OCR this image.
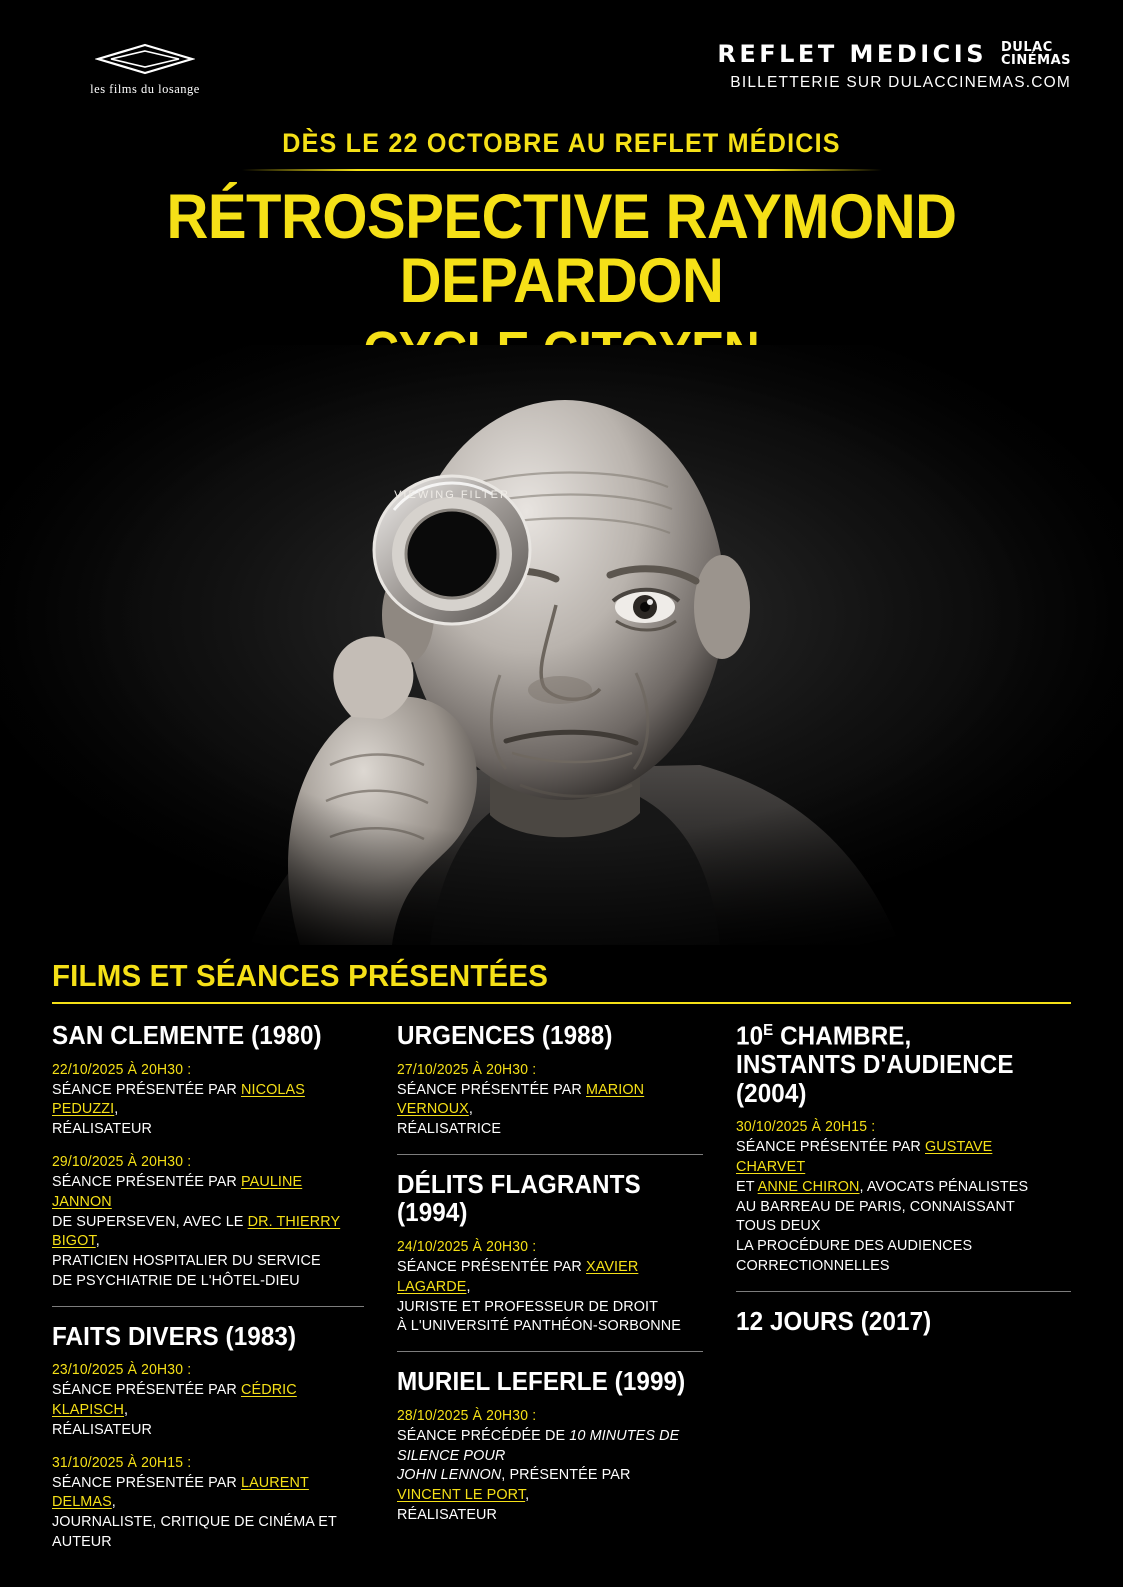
les films du losange
REFLET MEDICIS DULAC
CINÉMAS
BILLETTERIE SUR DULACCINEMAS.COM
DÈS LE 22 OCTOBRE AU REFLET MÉDICIS
RÉTROSPECTIVE RAYMOND DEPARDON
FILMS ET SÉANCES PRÉSENTÉES
SAN CLEMENTE (1980)
22/10/2025 À 20H30 :
SÉANCE PRÉSENTÉE PAR NICOLAS PEDUZZI,
RÉALISATEUR
29/10/2025 À 20H30 :
SÉANCE PRÉSENTÉE PAR PAULINE JANNON
DE SUPERSEVEN, AVEC LE DR. THIERRY BIGOT,
PRATICIEN HOSPITALIER DU SERVICE
DE PSYCHIATRIE DE L'HÔTEL-DIEU
FAITS DIVERS (1983)
23/10/2025 À 20H30 :
SÉANCE PRÉSENTÉE PAR CÉDRIC KLAPISCH,
RÉALISATEUR
31/10/2025 À 20H15 :
SÉANCE PRÉSENTÉE PAR LAURENT DELMAS,
JOURNALISTE, CRITIQUE DE CINÉMA ET AUTEUR
URGENCES (1988)
27/10/2025 À 20H30 :
SÉANCE PRÉSENTÉE PAR MARION VERNOUX,
RÉALISATRICE
DÉLITS FLAGRANTS (1994)
24/10/2025 À 20H30 :
SÉANCE PRÉSENTÉE PAR XAVIER LAGARDE,
JURISTE ET PROFESSEUR DE DROIT
À L'UNIVERSITÉ PANTHÉON-SORBONNE
MURIEL LEFERLE (1999)
28/10/2025 À 20H30 :
SÉANCE PRÉCÉDÉE DE 10 MINUTES DE SILENCE POUR
JOHN LENNON, PRÉSENTÉE PAR VINCENT LE PORT,
RÉALISATEUR
$10^E$ CHAMBRE,
INSTANTS D'AUDIENCE (2004)
30/10/2025 À 20H15 :
SÉANCE PRÉSENTÉE PAR GUSTAVE CHARVET
ET ANNE CHIRON, AVOCATS PÉNALISTES
AU BARREAU DE PARIS, CONNAISSANT TOUS DEUX
LA PROCÉDURE DES AUDIENCES CORRECTIONNELLES
12 JOURS (2017)
